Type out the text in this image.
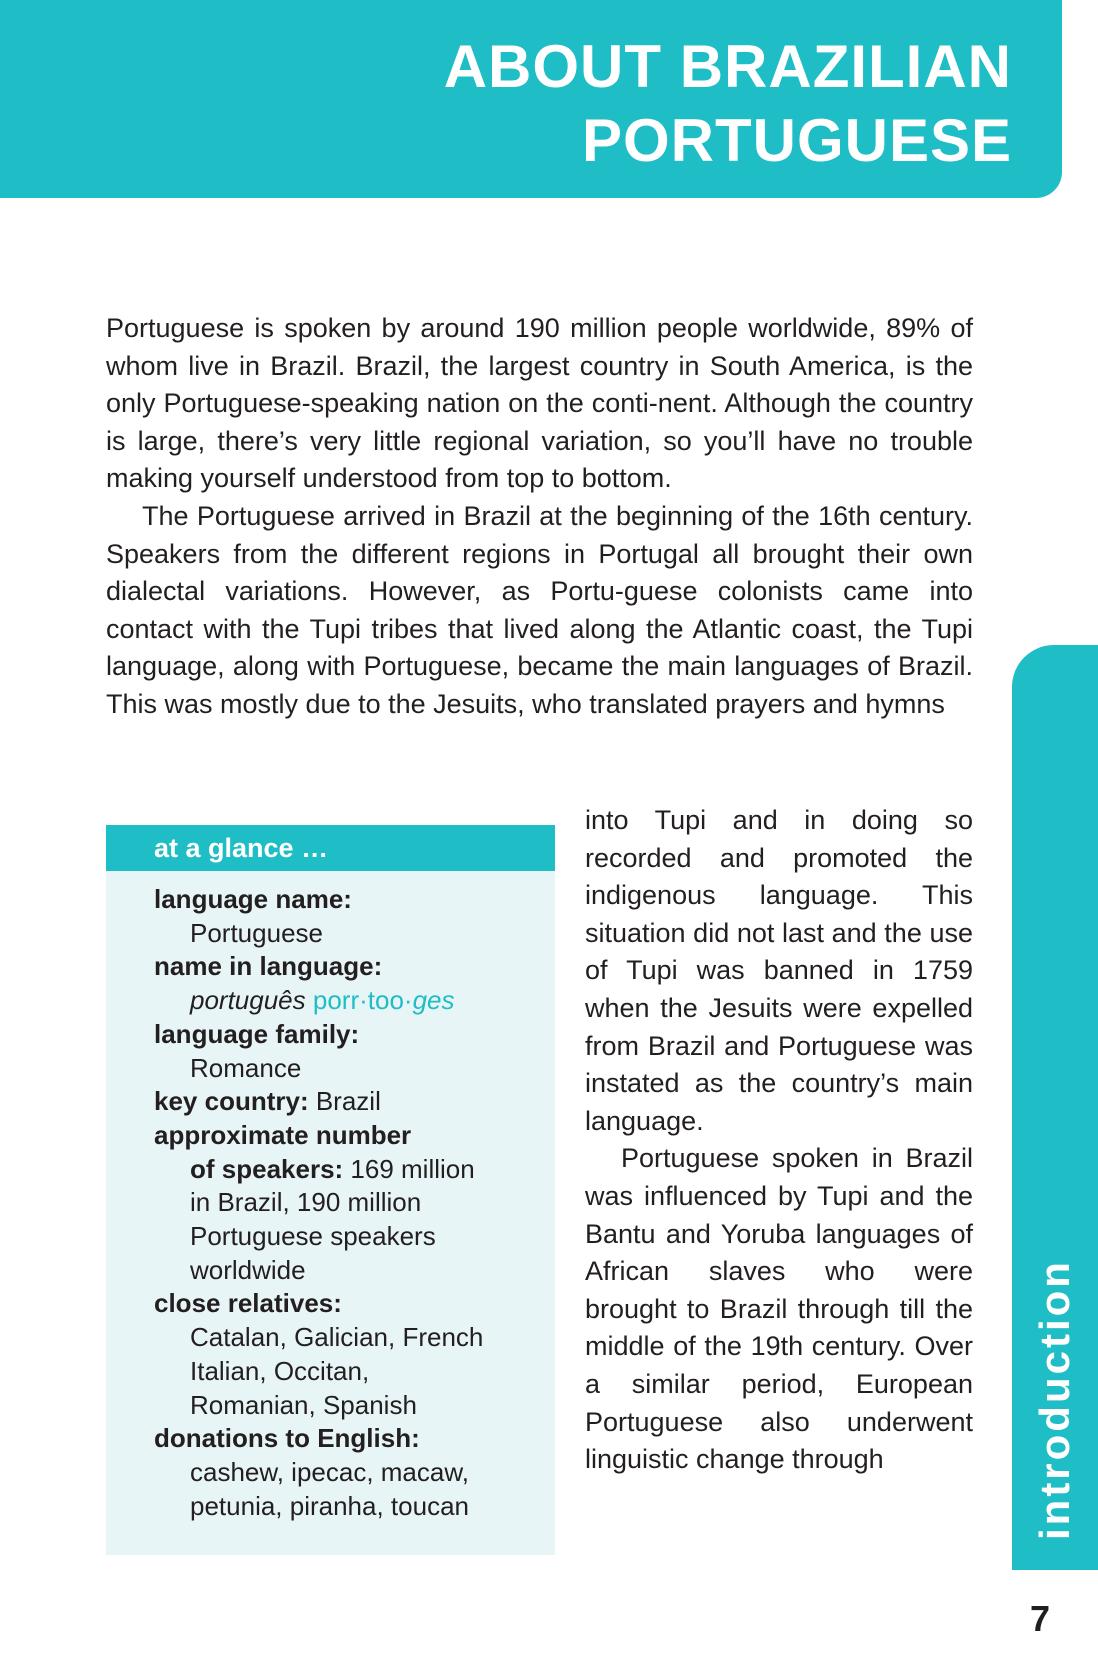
ABOUT BRAZILIAN
PORTUGUESE

Portuguese is spoken by around 190 million people worldwide, 89% of whom live in Brazil. Brazil, the largest country in South America, is the only Portuguese-speaking nation on the conti-nent. Although the country is large, there’s very little regional variation, so you’ll have no trouble making yourself understood from top to bottom.

The Portuguese arrived in Brazil at the beginning of the 16th century. Speakers from the different regions in Portugal all brought their own dialectal variations. However, as Portu-guese colonists came into contact with the Tupi tribes that lived along the Atlantic coast, the Tupi language, along with Portuguese, became the main languages of Brazil. This was mostly due to the Jesuits, who translated prayers and hymns

into Tupi and in doing so recorded and promoted the indigenous language. This situation did not last and the use of Tupi was banned in 1759 when the Jesuits were expelled from Brazil and Portuguese was instated as the country’s main language.

Portuguese spoken in Brazil was influenced by Tupi and the Bantu and Yoruba languages of African slaves who were brought to Brazil through till the middle of the 19th century. Over a similar period, European Portuguese also underwent linguistic change through

at a glance …

language name:
Portuguese

name in language:
português porr·too·ges

language family:
Romance

key country: Brazil

approximate number
of speakers: 169 million
in Brazil, 190 million
Portuguese speakers
worldwide

close relatives:
Catalan, Galician, French
Italian, Occitan,
Romanian, Spanish

donations to English:
cashew, ipecac, macaw,
petunia, piranha, toucan	introduction
7
